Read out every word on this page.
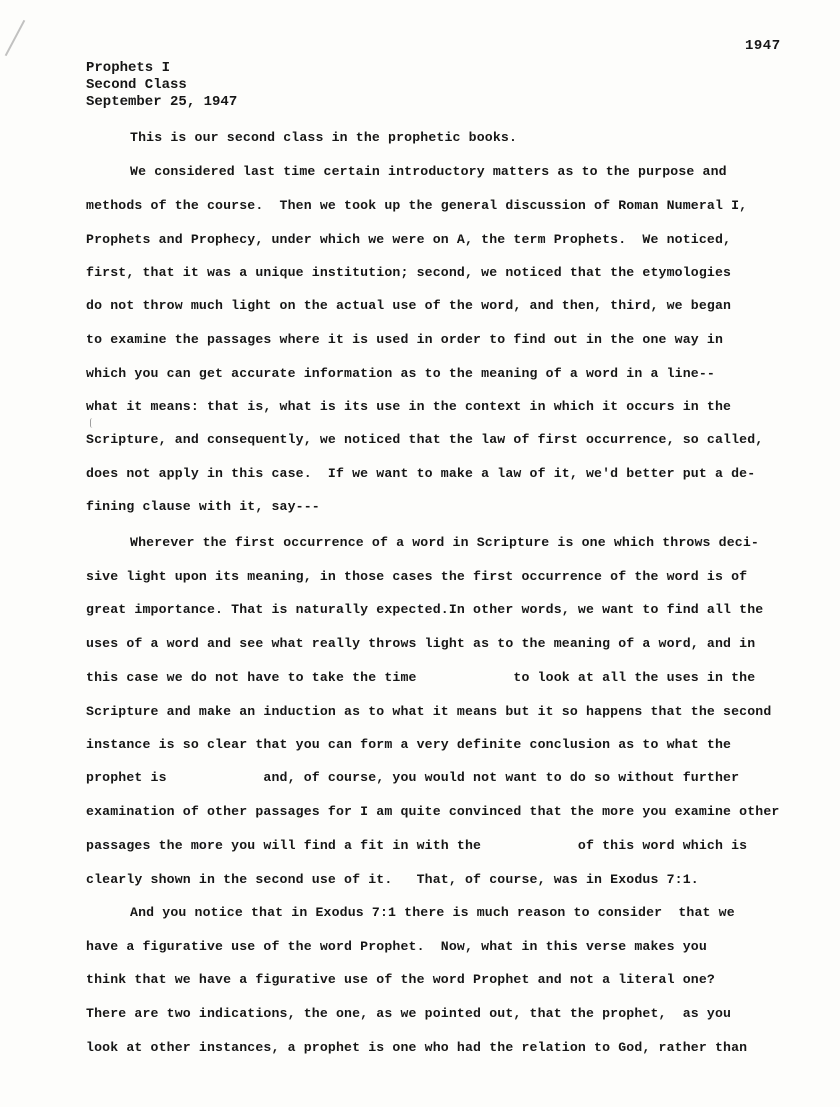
1947
Prophets I
Second Class
September 25, 1947
This is our second class in the prophetic books.
We considered last time certain introductory matters as to the purpose and
methods of the course.  Then we took up the general discussion of Roman Numeral I,
Prophets and Prophecy, under which we were on A, the term Prophets.  We noticed,
first, that it was a unique institution; second, we noticed that the etymologies
do not throw much light on the actual use of the word, and then, third, we began
to examine the passages where it is used in order to find out in the one way in
which you can get accurate information as to the meaning of a word in a line--
what it means: that is, what is its use in the context in which it occurs in the
Scripture, and consequently, we noticed that the law of first occurrence, so called,
does not apply in this case.  If we want to make a law of it, we'd better put a de-
fining clause with it, say---
Wherever the first occurrence of a word in Scripture is one which throws deci-
sive light upon its meaning, in those cases the first occurrence of the word is of
great importance. That is naturally expected.In other words, we want to find all the
uses of a word and see what really throws light as to the meaning of a word, and in
this case we do not have to take the time            to look at all the uses in the
Scripture and make an induction as to what it means but it so happens that the second
instance is so clear that you can form a very definite conclusion as to what the
prophet is            and, of course, you would not want to do so without further
examination of other passages for I am quite convinced that the more you examine other
passages the more you will find a fit in with the            of this word which is
clearly shown in the second use of it.   That, of course, was in Exodus 7:1.
And you notice that in Exodus 7:1 there is much reason to consider  that we
have a figurative use of the word Prophet.  Now, what in this verse makes you
think that we have a figurative use of the word Prophet and not a literal one?
There are two indications, the one, as we pointed out, that the prophet,  as you
look at other instances, a prophet is one who had the relation to God, rather than
